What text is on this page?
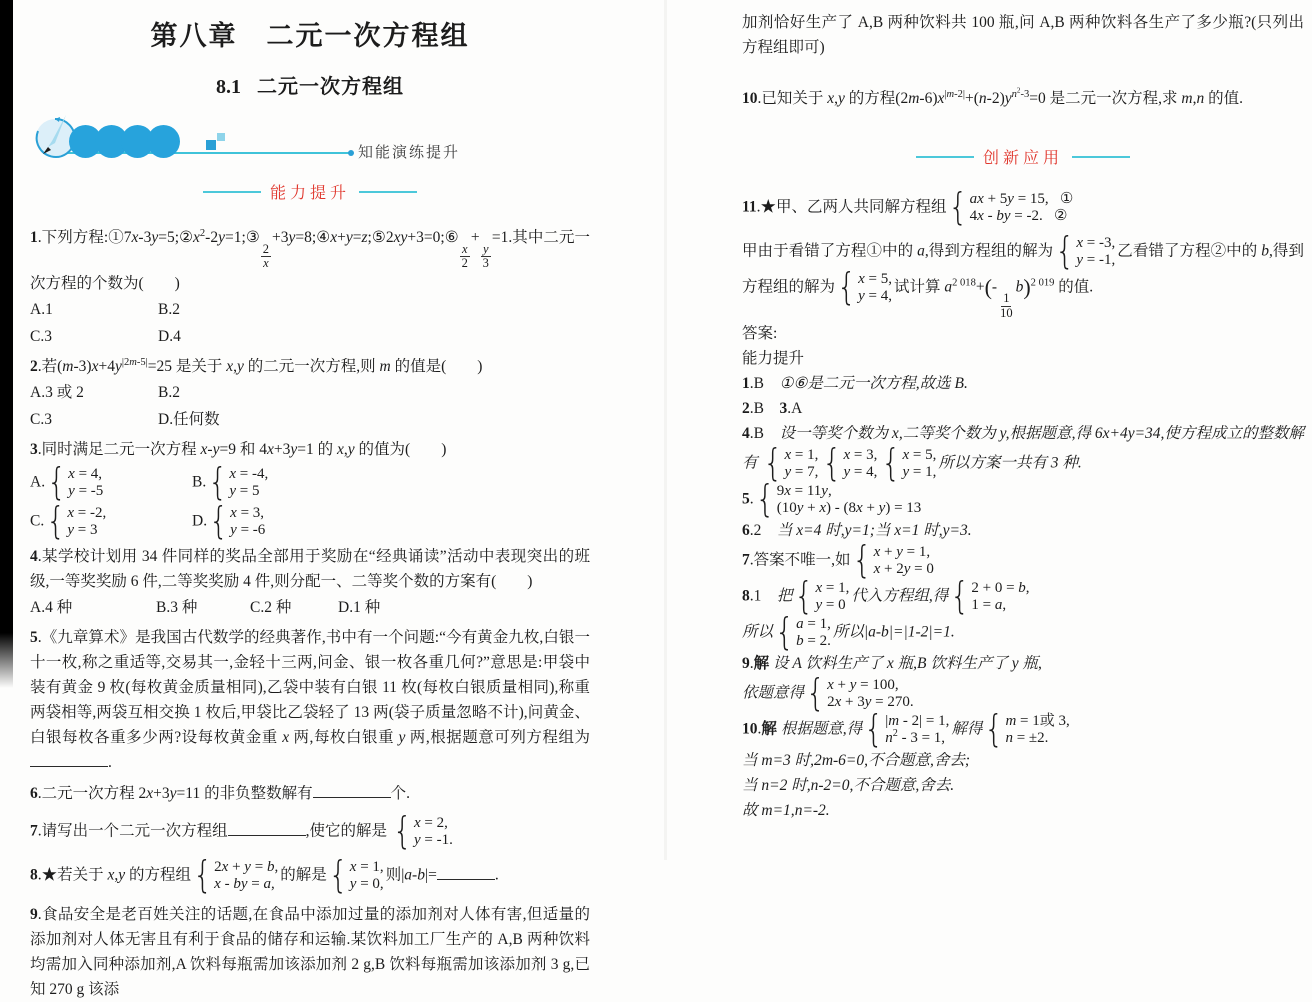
第八章　二元一次方程组
8.1 二元一次方程组
知能演练提升
能力提升

1.下列方程$:①7x-3y=5;②x^2-2y=1;③$
$\frac{2}{x}$
+3y=8;④x+y=z;⑤2xy+3=0;⑥
$\frac{x}{2}$
+
$\frac{y}{3}$
=1.其中二元一次方程的个数为(　　)

A.1	B.2
C.3	D.4

2.若$(m-3)x+4y^{|2m-5|}=25$ 是关于 x,y 的二元一次方程,则 m 的值是(　　)

A.3 或 2	B.2
C.3	D.任何数

3.同时满足二元一次方程 x-y=9 和 4x+3y=1 的 x,y 的值为(　　)

A. { x = 4,
y = -5
B. { x = -4,
y = 5
C. { x = -2,
y = 3
D. { x = 3,
y = -6

4.某学校计划用 34 件同样的奖品全部用于奖励在“经典诵读”活动中表现突出的班级,一等奖奖励 6 件,二等奖奖励 4 件,则分配一、二等奖个数的方案有(　　)

A.4 种	B.3 种	C.2 种	D.1 种

5.《九章算术》是我国古代数学的经典著作,书中有一个问题:“今有黄金九枚,白银一十一枚,称之重适等,交易其一,金轻十三两,问金、银一枚各重几何?”意思是:甲袋中装有黄金 9 枚(每枚黄金质量相同),乙袋中装有白银 11 枚(每枚白银质量相同),称重两袋相等,两袋互相交换 1 枚后,甲袋比乙袋轻了 13 两(袋子质量忽略不计),问黄金、白银每枚各重多少两?设每枚黄金重 x 两,每枚白银重 y 两,根据题意可列方程组为.

6.二元一次方程 2x+3y=11 的非负整数解有	个.

7.请写出一个二元一次方程组	,使它的解是 { x = 2,
y = -1.

8.★若关于 x,y 的方程组 { 2x + y = b,
x - by = a,
的解是 { x = 1,
y = 0,
则|a-b|=	.

9.食品安全是老百姓关注的话题,在食品中添加过量的添加剂对人体有害,但适量的添加剂对人体无害且有利于食品的储存和运输.某饮料加工厂生产的 A,B 两种饮料均需加入同种添加剂,A 饮料每瓶需加该添加剂 2 g,B 饮料每瓶需加该添加剂 3 g,已知 270 g 该添

加剂恰好生产了 A,B 两种饮料共 100 瓶,问 A,B 两种饮料各生产了多少瓶?(只列出方程组即可)

10.已知关于 x,y 的方程$(2m-6)x^{|m-2|}+(n-2)y^{n^2-3}=0$ 是二元一次方程,求 m,n 的值.

创新应用

11.★甲、乙两人共同解方程组 { ax + 5y = 15,   ①
4x - by = -2.   ②

甲由于看错了方程①中的 a,得到方程组的解为 { x = -3,
y = -1,
乙看错了方程②中的 b,得到方程组的解为 { x = 5,
y = 4,
试计算 $a^{2 018}+(-$
$\frac{1}{10}$
b)$^{2 019}$ 的值.

答案:

能力提升

1.B　①⑥是二元一次方程,故选 B.

2.B　3.A

4.B　设一等奖个数为 x,二等奖个数为 y,根据题意,得 6x+4y=34,使方程成立的整数解有 { x = 1,
y = 7, { x = 3,
y = 4, { x = 5,
y = 1,
所以方案一共有 3 种.

5. { 9x = 11y,
(10y + x) - (8x + y) = 13

6.2　当 x=4 时,y=1;当 x=1 时,y=3.

7.答案不唯一,如 { x + y = 1,
x + 2y = 0

8.1　把 { x = 1,
y = 0
代入方程组,得 { 2 + 0 = b,
1 = a,

所以 { a = 1,
b = 2.
所以|a-b|=|1-2|=1.

9.解 设 A 饮料生产了 x 瓶,B 饮料生产了 y 瓶,

依题意得 { x + y = 100,
2x + 3y = 270.

10.解 根据题意,得 { |m - 2| = 1,
$n^2 - 3 = 1$,
解得 { m = 1或 3,
n = ±2.

当 m=3 时,2m-6=0,不合题意,舍去;

当 n=2 时,n-2=0,不合题意,舍去.

故 m=1,n=-2.
